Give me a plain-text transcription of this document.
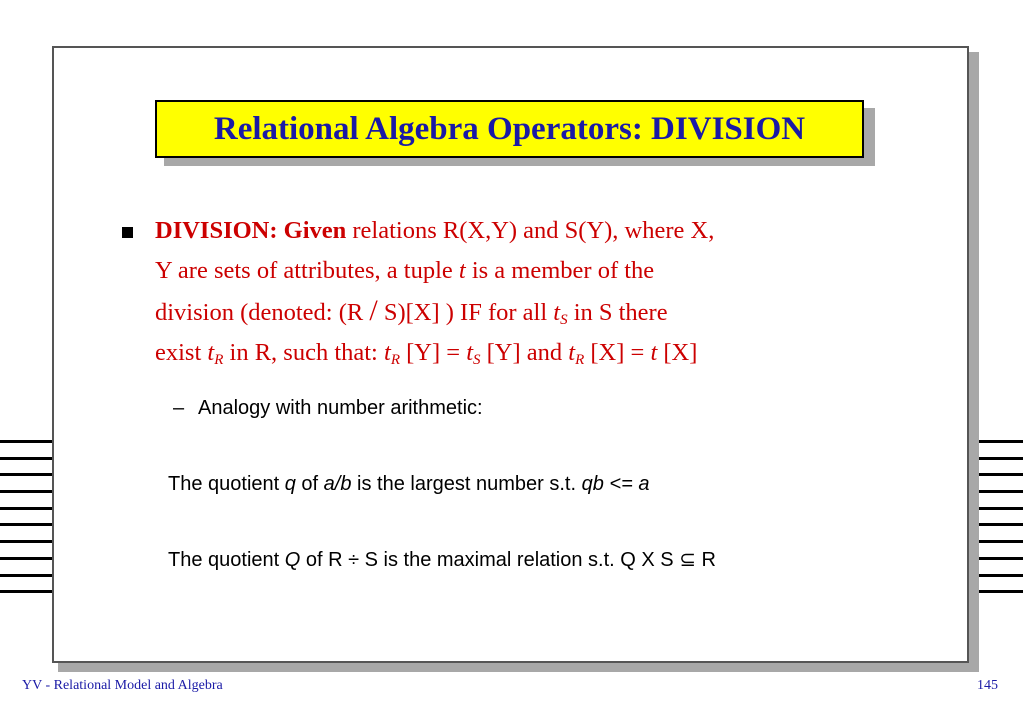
Relational Algebra Operators: DIVISION
DIVISION: Given relations R(X,Y) and S(Y), where X,
Y are sets of attributes, a tuple t is a member of the
division (denoted: (R / S)[X] ) IF for all $t_S$ in S there
exist $t_R$ in R, such that: $t_R$ $[Y] = t_S$ [Y] and $t_R$ [X] = t [X]
– Analogy with number arithmetic:
The quotient q of a/b is the largest number s.t. qb <= a
The quotient Q of R ÷ S is the maximal relation s.t. Q X S ⊆ R
YV - Relational Model and Algebra	145
